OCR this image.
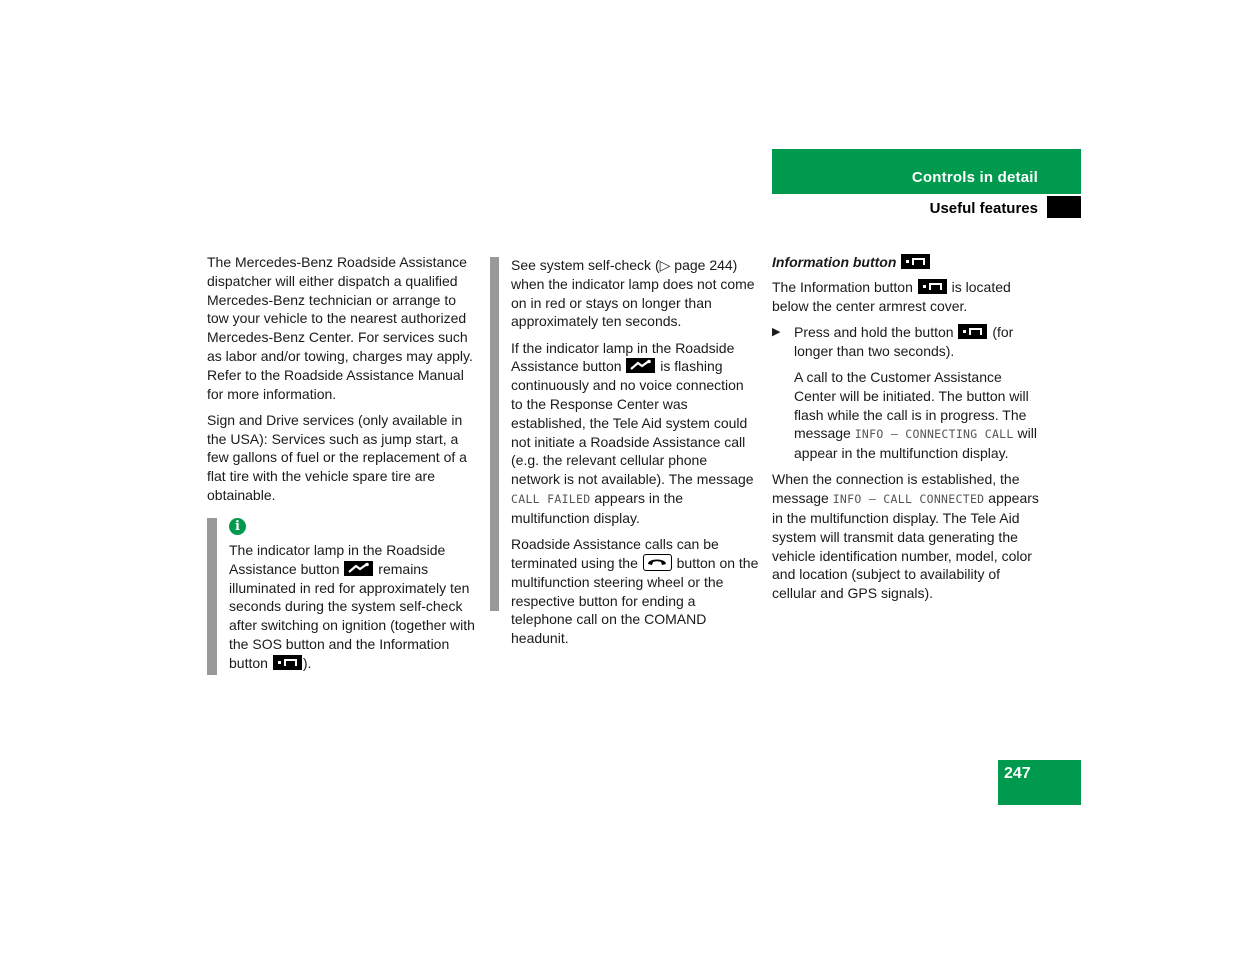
Controls in detail
Useful features

The Mercedes-Benz Roadside Assistance dispatcher will either dispatch a qualified Mercedes-Benz technician or arrange to tow your vehicle to the nearest authorized Mercedes-Benz Center. For services such as labor and/or towing, charges may apply. Refer to the Roadside Assistance Manual for more information.

Sign and Drive services (only available in the USA): Services such as jump start, a few gallons of fuel or the replacement of a flat tire with the vehicle spare tire are obtainable.

i

The indicator lamp in the Roadside Assistance button	remains illuminated in red for approximately ten seconds during the system self-check after switching on ignition (together with the SOS button and the Information button ).

See system self-check (▷ page 244) when the indicator lamp does not come on in red or stays on longer than approximately ten seconds.

If the indicator lamp in the Roadside Assistance button	is flashing continuously and no voice connection to the Response Center was established, the Tele Aid system could not initiate a Roadside Assistance call (e.g. the relevant cellular phone network is not available). The message CALL FAILED appears in the multifunction display.

Roadside Assistance calls can be terminated using the	button on the multifunction steering wheel or the respective button for ending a telephone call on the COMAND headunit.

Information button

The Information button	is located below the center armrest cover.

▶ Press and hold the button	(for longer than two seconds).

A call to the Customer Assistance Center will be initiated. The button will flash while the call is in progress. The message INFO – CONNECTING CALL will appear in the multifunction display.

When the connection is established, the message INFO – CALL CONNECTED appears in the multifunction display. The Tele Aid system will transmit data generating the vehicle identification number, model, color and location (subject to availability of cellular and GPS signals).

247
